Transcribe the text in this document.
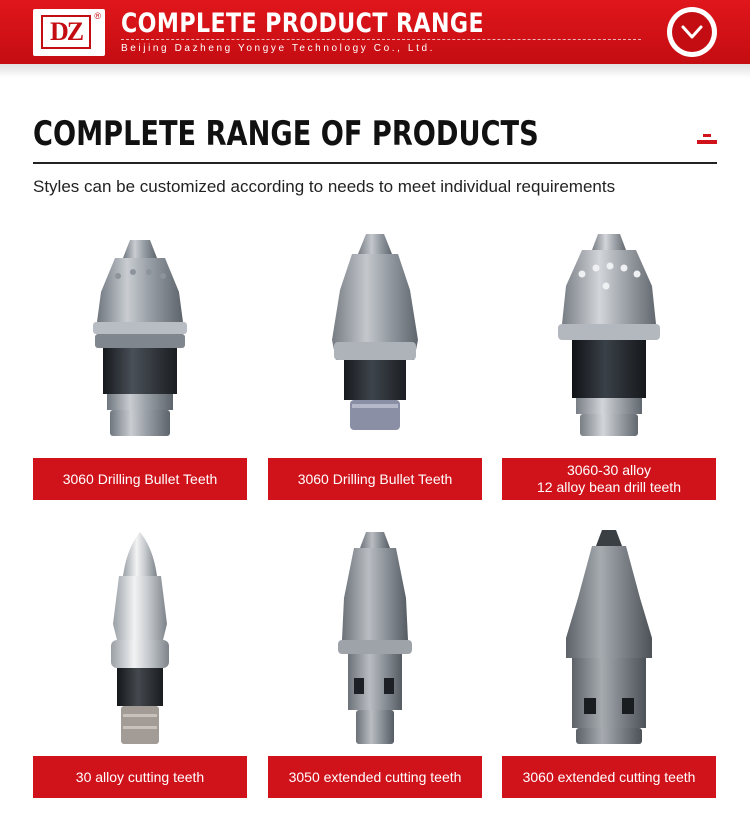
DZ
® COMPLETE PRODUCT RANGE
Beijing Dazheng Yongye Technology Co., Ltd.
COMPLETE RANGE OF PRODUCTS
Styles can be customized according to needs to meet individual requirements
3060 Drilling Bullet Teeth	3060 Drilling Bullet Teeth
3060-30 alloy
12 alloy bean drill teeth
30 alloy cutting teeth	3050 extended cutting teeth	3060 extended cutting teeth
